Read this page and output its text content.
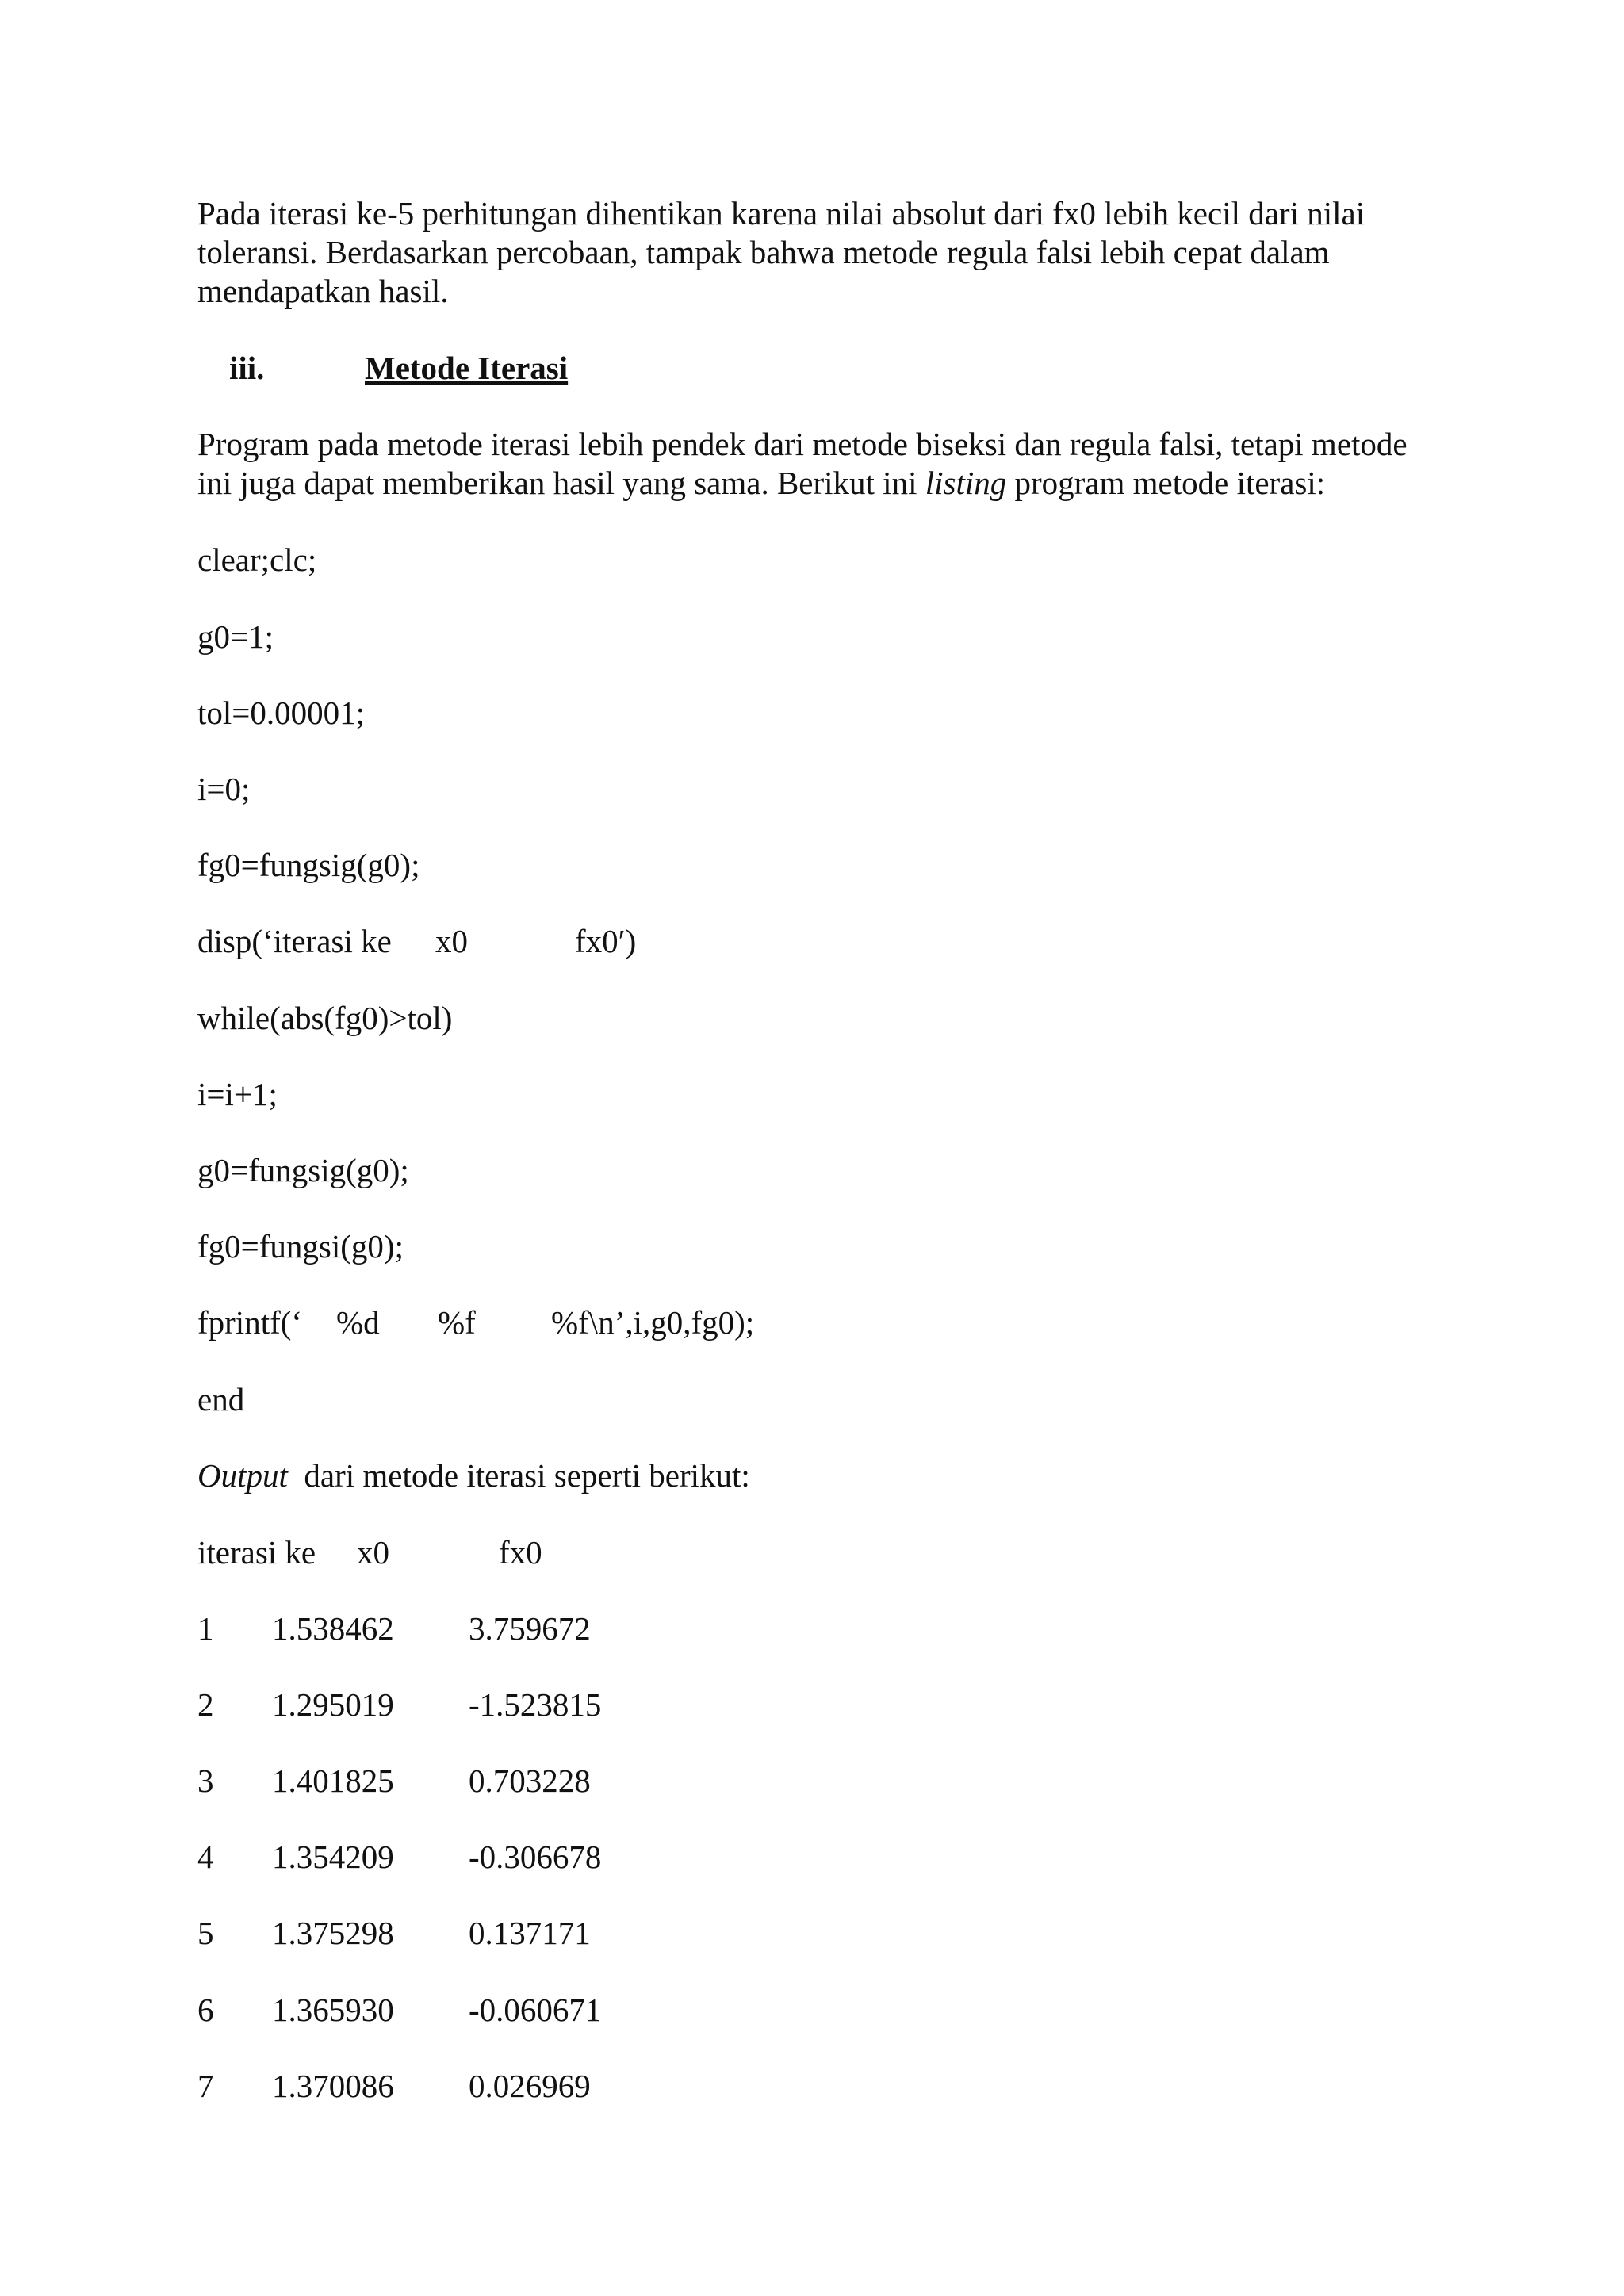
Pada iterasi ke-5 perhitungan dihentikan karena nilai absolut dari fx0 lebih kecil dari nilai
toleransi. Berdasarkan percobaan, tampak bahwa metode regula falsi lebih cepat dalam
mendapatkan hasil.
iii.	Metode Iterasi
Program pada metode iterasi lebih pendek dari metode biseksi dan regula falsi, tetapi metode
ini juga dapat memberikan hasil yang sama. Berikut ini listing program metode iterasi:
clear;clc;
g0=1;
tol=0.00001;
i=0;
fg0=fungsig(g0);
disp(‘iterasi ke x0	fx0′)
while(abs(fg0)>tol)
i=i+1;
g0=fungsig(g0);
fg0=fungsi(g0);
fprintf(‘ %d %f %f\n’,i,g0,fg0);
end
Output  dari metode iterasi seperti berikut:
iterasi ke x0	fx0
1 1.538462 3.759672
2 1.295019 -1.523815
3 1.401825 0.703228
4 1.354209 -0.306678
5 1.375298 0.137171
6 1.365930 -0.060671
7 1.370086 0.026969
